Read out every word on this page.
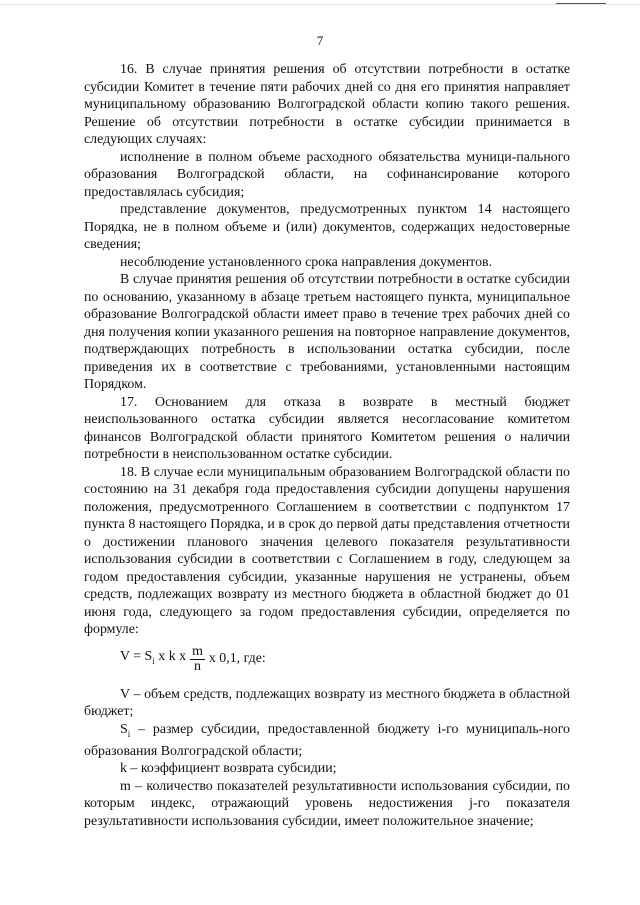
7

16. В случае принятия решения об отсутствии потребности в остатке субсидии Комитет в течение пяти рабочих дней со дня его принятия направляет муниципальному образованию Волгоградской области копию такого решения. Решение об отсутствии потребности в остатке субсидии принимается в следующих случаях:

исполнение в полном объеме расходного обязательства муници-пального образования Волгоградской области, на софинансирование которого предоставлялась субсидия;

представление документов, предусмотренных пунктом 14 настоящего Порядка, не в полном объеме и (или) документов, содержащих недостоверные сведения;

несоблюдение установленного срока направления документов.

В случае принятия решения об отсутствии потребности в остатке субсидии по основанию, указанному в абзаце третьем настоящего пункта, муниципальное образование Волгоградской области имеет право в течение трех рабочих дней со дня получения копии указанного решения на повторное направление документов, подтверждающих потребность в использовании остатка субсидии, после приведения их в соответствие с требованиями, установленными настоящим Порядком.

17. Основанием для отказа в возврате в местный бюджет неиспользованного остатка субсидии является несогласование комитетом финансов Волгоградской области принятого Комитетом решения о наличии потребности в неиспользованном остатке субсидии.

18. В случае если муниципальным образованием Волгоградской области по состоянию на 31 декабря года предоставления субсидии допущены нарушения положения, предусмотренного Соглашением в соответствии с подпунктом 17 пункта 8 настоящего Порядка, и в срок до первой даты представления отчетности о достижении планового значения целевого показателя результативности использования субсидии в соответствии с Соглашением в году, следующем за годом предоставления субсидии, указанные нарушения не устранены, объем средств, подлежащих возврату из местного бюджета в областной бюджет до 01 июня года, следующего за годом предоставления субсидии, определяется по формуле:

$V = S_i$ x k x $\frac{m}{n}$ x 0,1, где:

V – объем средств, подлежащих возврату из местного бюджета в областной бюджет;

$S_i$ – размер субсидии, предоставленной бюджету i-го муниципаль-ного образования Волгоградской области;

k – коэффициент возврата субсидии;

m – количество показателей результативности использования субсидии, по которым индекс, отражающий уровень недостижения j-го показателя результативности использования субсидии, имеет положительное значение;
